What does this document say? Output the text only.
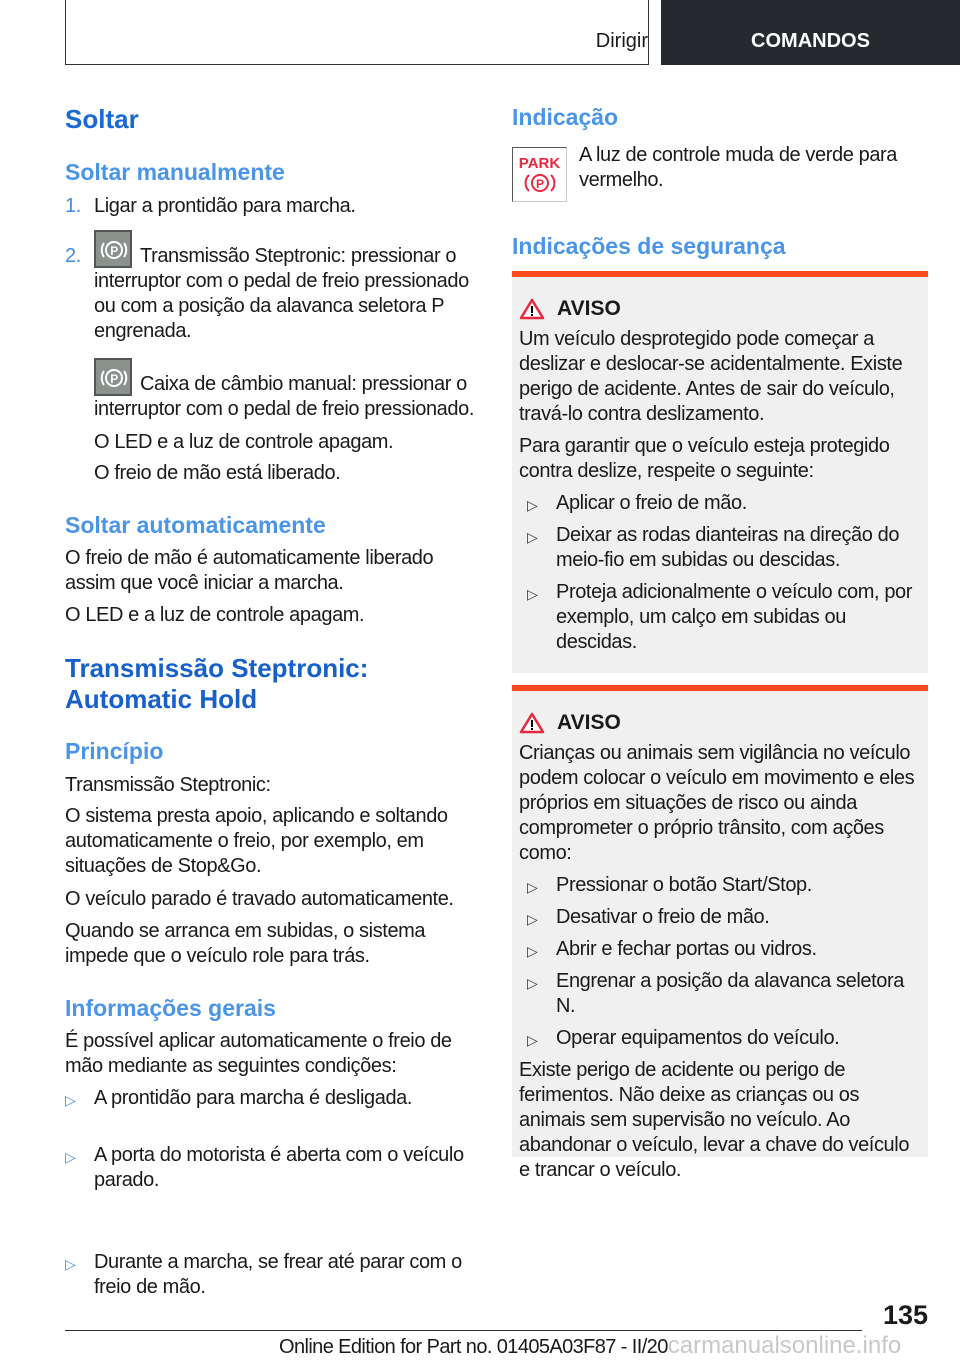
Dirigir	COMANDOS
Soltar
Soltar manualmente
1. Ligar a prontidão para marcha.
2. P Transmissão Steptronic: pressionar o interruptor com o pedal de freio pressionado ou com a posição da alavanca seletora P engrenada.
P Caixa de câmbio manual: pressionar o interruptor com o pedal de freio pressionado.

O LED e a luz de controle apagam.

O freio de mão está liberado.

Soltar automaticamente

O freio de mão é automaticamente liberado assim que você iniciar a marcha.

O LED e a luz de controle apagam.

Transmissão Steptronic:
Automatic Hold
Princípio

Transmissão Steptronic:

O sistema presta apoio, aplicando e soltando automaticamente o freio, por exemplo, em situações de Stop&Go.

O veículo parado é travado automaticamente.

Quando se arranca em subidas, o sistema impede que o veículo role para trás.

Informações gerais

É possível aplicar automaticamente o freio de mão mediante as seguintes condições:

▷ A prontidão para marcha é desligada.

▷ A porta do motorista é aberta com o veículo parado.

▷ Durante a marcha, se frear até parar com o freio de mão.

Indicação
PARK
P

A luz de controle muda de verde para vermelho.

Indicações de segurança
AVISO

Um veículo desprotegido pode começar a deslizar e deslocar-se acidentalmente. Existe perigo de acidente. Antes de sair do veículo, travá-lo contra deslizamento.

Para garantir que o veículo esteja protegido contra deslize, respeite o seguinte:

▷ Aplicar o freio de mão.

▷ Deixar as rodas dianteiras na direção do meio-fio em subidas ou descidas.

▷ Proteja adicionalmente o veículo com, por exemplo, um calço em subidas ou descidas.

AVISO

Crianças ou animais sem vigilância no veículo podem colocar o veículo em movimento e eles próprios em situações de risco ou ainda comprometer o próprio trânsito, com ações como:

▷ Pressionar o botão Start/Stop.

▷ Desativar o freio de mão.

▷ Abrir e fechar portas ou vidros.

▷ Engrenar a posição da alavanca seletora N.

▷ Operar equipamentos do veículo.

Existe perigo de acidente ou perigo de ferimentos. Não deixe as crianças ou os animais sem supervisão no veículo. Ao abandonar o veículo, levar a chave do veículo e trancar o veículo.

135
Online Edition for Part no. 01405A03F87 - II/20carmanualsonline.info
